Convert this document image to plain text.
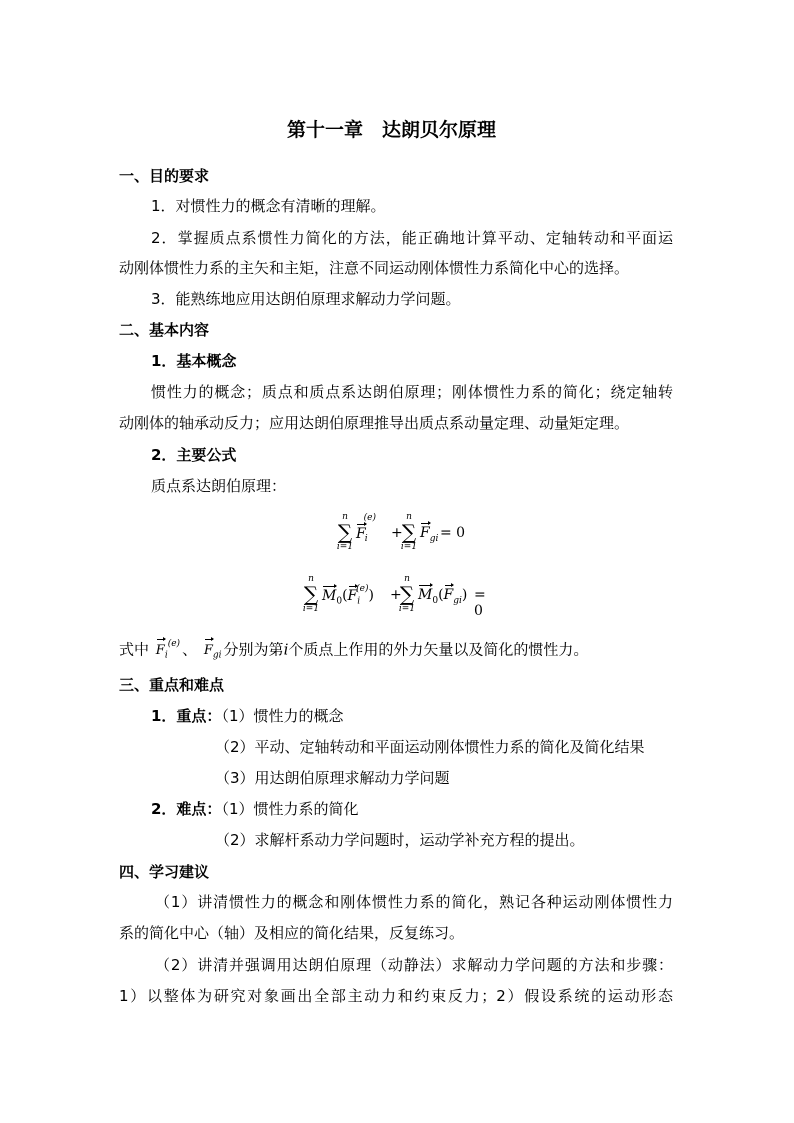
第十一章　达朗贝尔原理
一、目的要求
1．对惯性力的概念有清晰的理解。
2．掌握质点系惯性力简化的方法，能正确地计算平动、定轴转动和平面运
动刚体惯性力系的主矢和主矩，注意不同运动刚体惯性力系简化中心的选择。
3．能熟练地应用达朗伯原理求解动力学问题。
二、基本内容
1．基本概念
惯性力的概念；质点和质点系达朗伯原理；刚体惯性力系的简化；绕定轴转
动刚体的轴承动反力；应用达朗伯原理推导出质点系动量定理、动量矩定理。
2．主要公式
质点系达朗伯原理：
n
∑
i=1
$F_i^{(e)}$
+
n
∑
i=1
$F_{gi} = 0$
n
∑
i=1
$M_0(F_i^{(e)})$ +
n
∑
i=1
$M_0(F_{gi}) = 0$
式中 $F_i^{(e)}$ 、 $F_{gi}$ 分别为第i个质点上作用的外力矢量以及简化的惯性力。
三、重点和难点
1．重点：（1）惯性力的概念
（2）平动、定轴转动和平面运动刚体惯性力系的简化及简化结果
（3）用达朗伯原理求解动力学问题
2．难点：（1）惯性力系的简化
（2）求解杆系动力学问题时，运动学补充方程的提出。
四、学习建议
（1）讲清惯性力的概念和刚体惯性力系的简化，熟记各种运动刚体惯性力
系的简化中心（轴）及相应的简化结果，反复练习。
（2）讲清并强调用达朗伯原理（动静法）求解动力学问题的方法和步骤：
1）以整体为研究对象画出全部主动力和约束反力；2）假设系统的运动形态
